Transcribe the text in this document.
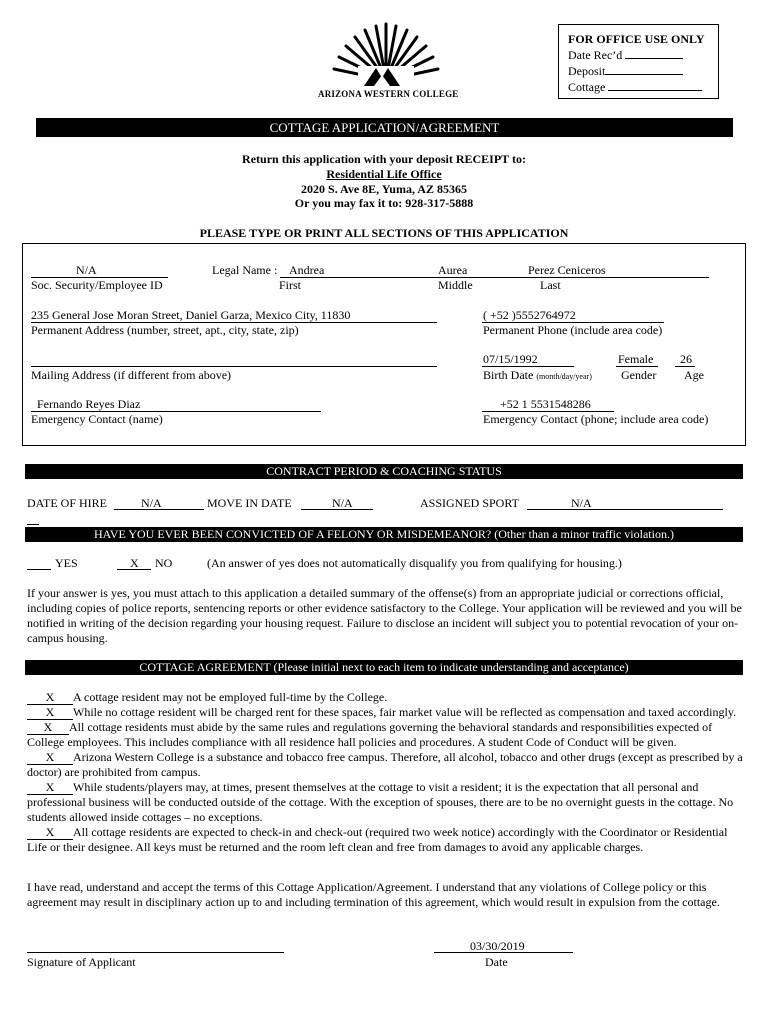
ARIZONA WESTERN COLLEGE
FOR OFFICE USE ONLY
Date Rec’d
Deposit
Cottage
COTTAGE APPLICATION/AGREEMENT
Return this application with your deposit RECEIPT to:
Residential Life Office
2020 S. Ave 8E, Yuma, AZ 85365
Or you may fax it to: 928-317-5888
PLEASE TYPE OR PRINT ALL SECTIONS OF THIS APPLICATION
N/A
Soc. Security/Employee ID
Legal Name : Andrea
First
Aurea
Middle
Perez Ceniceros
Last
235 General Jose Moran Street, Daniel Garza, Mexico City, 11830
Permanent Address (number, street, apt., city, state, zip)
( +52 )5552764972
Permanent Phone (include area code)
Mailing Address (if different from above)
07/15/1992
Birth Date (month/day/year)
Female
Gender
26
Age
Fernando Reyes Diaz
Emergency Contact (name)
+52 1 5531548286
Emergency Contact (phone; include area code)
CONTRACT PERIOD & COACHING STATUS
DATE OF HIRE	N/A	MOVE IN DATE	N/A	ASSIGNED SPORT	N/A
HAVE YOU EVER BEEN CONVICTED OF A FELONY OR MISDEMEANOR? (Other than a minor traffic violation.)
YES	X NO	(An answer of yes does not automatically disqualify you from qualifying for housing.)
If your answer is yes, you must attach to this application a detailed summary of the offense(s) from an appropriate judicial or corrections official, including copies of police reports, sentencing reports or other evidence satisfactory to the College. Your application will be reviewed and you will be notified in writing of the decision regarding your housing request. Failure to disclose an incident will subject you to potential revocation of your on-campus housing.
COTTAGE AGREEMENT (Please initial next to each item to indicate understanding and acceptance)
X A cottage resident may not be employed full-time by the College.
X While no cottage resident will be charged rent for these spaces, fair market value will be reflected as compensation and taxed accordingly.
X All cottage residents must abide by the same rules and regulations governing the behavioral standards and responsibilities expected of College employees. This includes compliance with all residence hall policies and procedures. A student Code of Conduct will be given.
X Arizona Western College is a substance and tobacco free campus. Therefore, all alcohol, tobacco and other drugs (except as prescribed by a doctor) are prohibited from campus.
X While students/players may, at times, present themselves at the cottage to visit a resident; it is the expectation that all personal and professional business will be conducted outside of the cottage. With the exception of spouses, there are to be no overnight guests in the cottage. No students allowed inside cottages – no exceptions.
X All cottage residents are expected to check-in and check-out (required two week notice) accordingly with the Coordinator or Residential Life or their designee. All keys must be returned and the room left clean and free from damages to avoid any applicable charges.
I have read, understand and accept the terms of this Cottage Application/Agreement. I understand that any violations of College policy or this agreement may result in disciplinary action up to and including termination of this agreement, which would result in expulsion from the cottage.
Signature of Applicant
03/30/2019
Date
